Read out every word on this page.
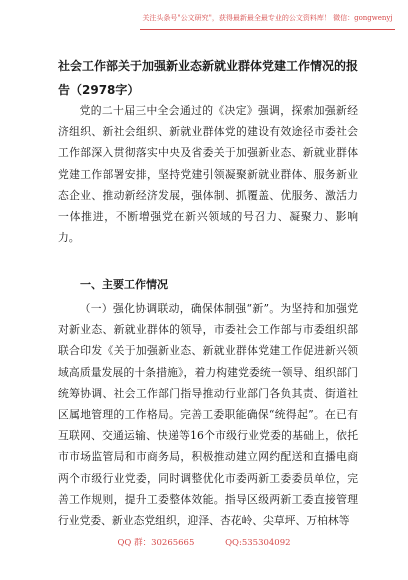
关注头条号"公文研究"，获得最新最全最专业的公文资料库！ 微信：gongwenyj
社会工作部关于加强新业态新就业群体党建工作情况的报告（2978字）

党的二十届三中全会通过的《决定》强调，探索加强新经济组织、新社会组织、新就业群体党的建设有效途径市委社会工作部深入贯彻落实中央及省委关于加强新业态、新就业群体党建工作部署安排，坚持党建引领凝聚新就业群体、服务新业态企业、推动新经济发展，强体制、抓覆盖、优服务、激活力一体推进，不断增强党在新兴领域的号召力、凝聚力、影响力。

一、主要工作情况

（一）强化协调联动，确保体制强“新”。为坚持和加强党对新业态、新就业群体的领导，市委社会工作部与市委组织部联合印发《关于加强新业态、新就业群体党建工作促进新兴领域高质量发展的十条措施》，着力构建党委统一领导、组织部门统筹协调、社会工作部门指导推动行业部门各负其责、街道社区属地管理的工作格局。完善工委职能确保“统得起”。在已有互联网、交通运输、快递等16个市级行业党委的基础上，依托市市场监管局和市商务局，积极推动建立网约配送和直播电商两个市级行业党委，同时调整优化市委两新工委委员单位，完善工作规则，提升工委整体效能。指导区级两新工委直接管理行业党委、新业态党组织，迎泽、杏花岭、尖草坪、万柏林等

QQ 群：30265665	QQ:535304092
